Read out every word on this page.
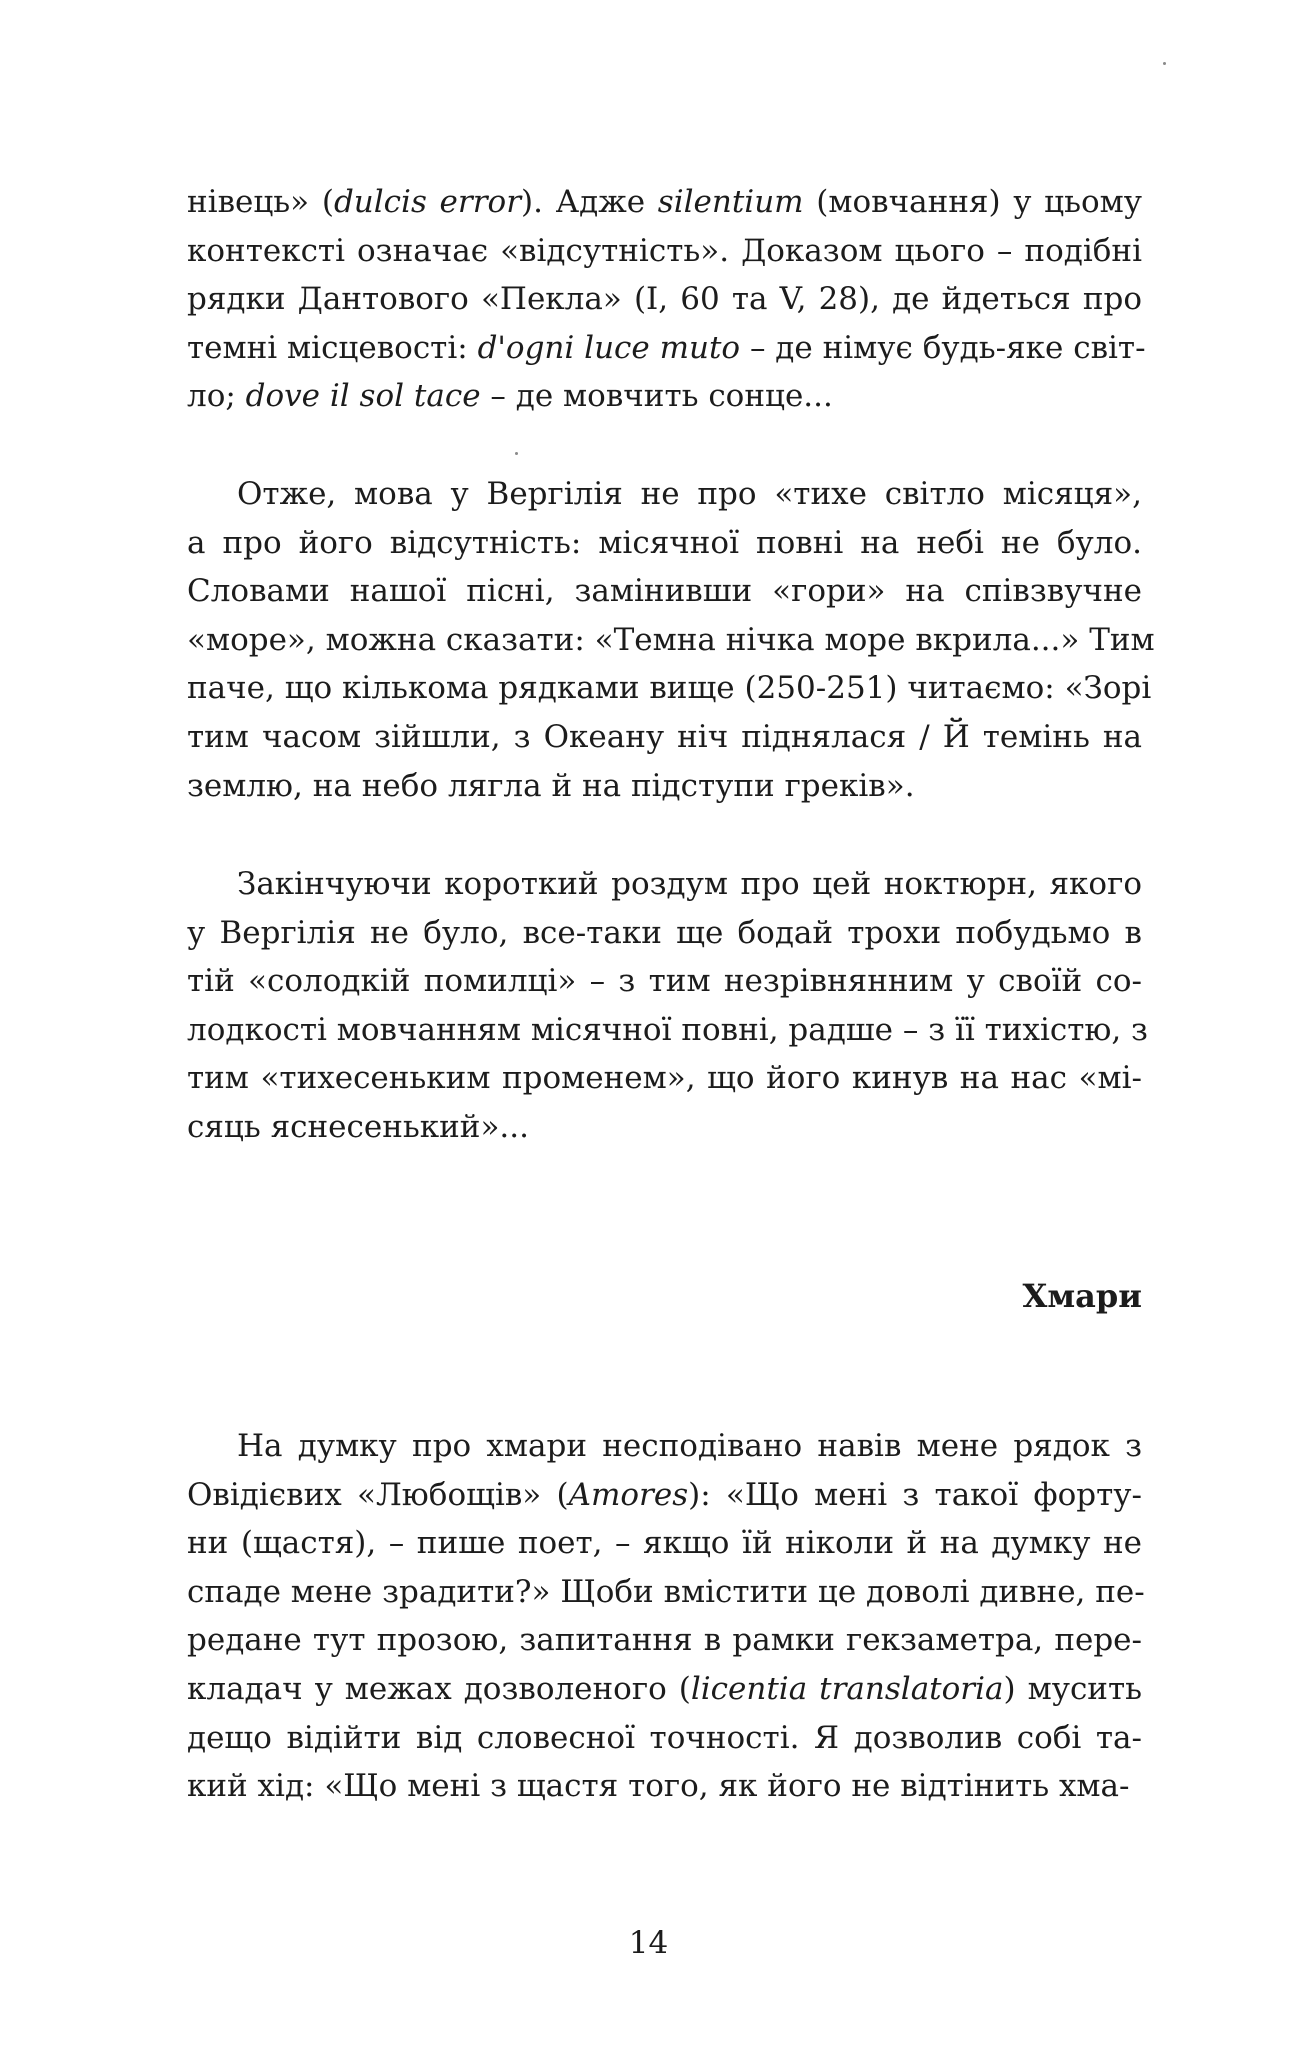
нівець» (dulcis error). Адже silentium (мовчання) у цьому
контексті означає «відсутність». Доказом цього – подібні
рядки Дантового «Пекла» (І, 60 та V, 28), де йдеться про
темні місцевості: d'ogni luce muto – де німує будь-яке світ-
ло; dove il sol tace – де мовчить сонце...
Отже, мова у Вергілія не про «тихе світло місяця»,
а про його відсутність: місячної повні на небі не було.
Словами нашої пісні, замінивши «гори» на співзвучне
«море», можна сказати: «Темна нічка море вкрила...» Тим
паче, що кількома рядками вище (250-251) читаємо: «Зорі
тим часом зійшли, з Океану ніч піднялася / Й темінь на
землю, на небо лягла й на підступи греків».
Закінчуючи короткий роздум про цей ноктюрн, якого
у Вергілія не було, все-таки ще бодай трохи побудьмо в
тій «солодкій помилці» – з тим незрівнянним у своїй со-
лодкості мовчанням місячної повні, радше – з її тихістю, з
тим «тихесеньким променем», що його кинув на нас «мі-
сяць яснесенький»...
Хмари
На думку про хмари несподівано навів мене рядок з
Овідієвих «Любощів» (Amores): «Що мені з такої форту-
ни (щастя), – пише поет, – якщо їй ніколи й на думку не
спаде мене зрадити?» Щоби вмістити це доволі дивне, пе-
редане тут прозою, запитання в рамки гекзаметра, пере-
кладач у межах дозволеного (licentia translatoria) мусить
дещо відійти від словесної точності. Я дозволив собі та-
кий хід: «Що мені з щастя того, як його не відтінить хма-
14
